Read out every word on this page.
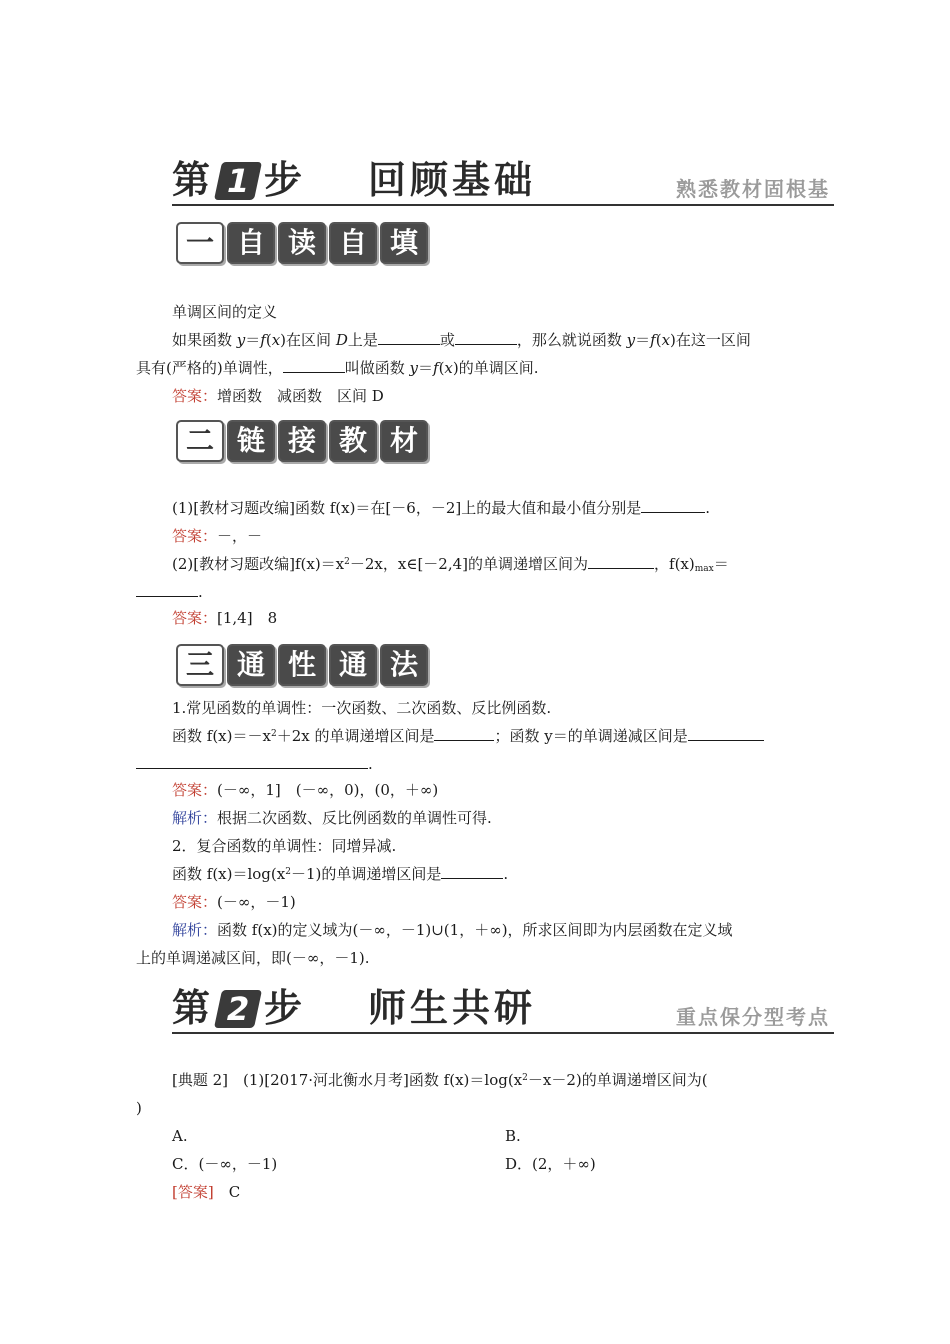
第 1 步 回顾基础	熟悉教材固根基
一 自 读 自 填
单调区间的定义
如果函数 y＝f(x)在区间 D上是	或	，那么就说函数 y＝f(x)在这一区间
具有(严格的)单调性，	叫做函数 y＝f(x)的单调区间.
答案：增函数　减函数　区间 D
二 链 接 教 材
(1)[教材习题改编]函数 f(x)＝在[－6，－2]上的最大值和最小值分别是	.
答案：－，－
(2)[教材习题改编]$f(x)=x^2-2x$，x∈[－2,4]的单调递增区间为	，$f(x)_{max}=$
.
答案：[1,4]　8
三 通 性 通 法
1.常见函数的单调性：一次函数、二次函数、反比例函数.
函数 $f(x)=-x^2+2x$ 的单调递增区间是	；函数 y＝的单调递减区间是
.
答案：(－∞，1]　(－∞，0)，(0，＋∞)
解析：根据二次函数、反比例函数的单调性可得.
2．复合函数的单调性：同增异减.
函数 $f(x)=\log(x^2-1)$的单调递增区间是	.
答案：(－∞，－1)
解析：函数 f(x)的定义域为(－∞，－1)∪(1，＋∞)，所求区间即为内层函数在定义域
上的单调递减区间，即(－∞，－1).
第 2 步 师生共研	重点保分型考点
[典题 2]　(1)[2017·河北衡水月考]函数 $f(x)=\log(x^2-x-2)$的单调递增区间为(
)
A.	B.
C．(－∞，－1)	D．(2，＋∞)
[答案]　 C
